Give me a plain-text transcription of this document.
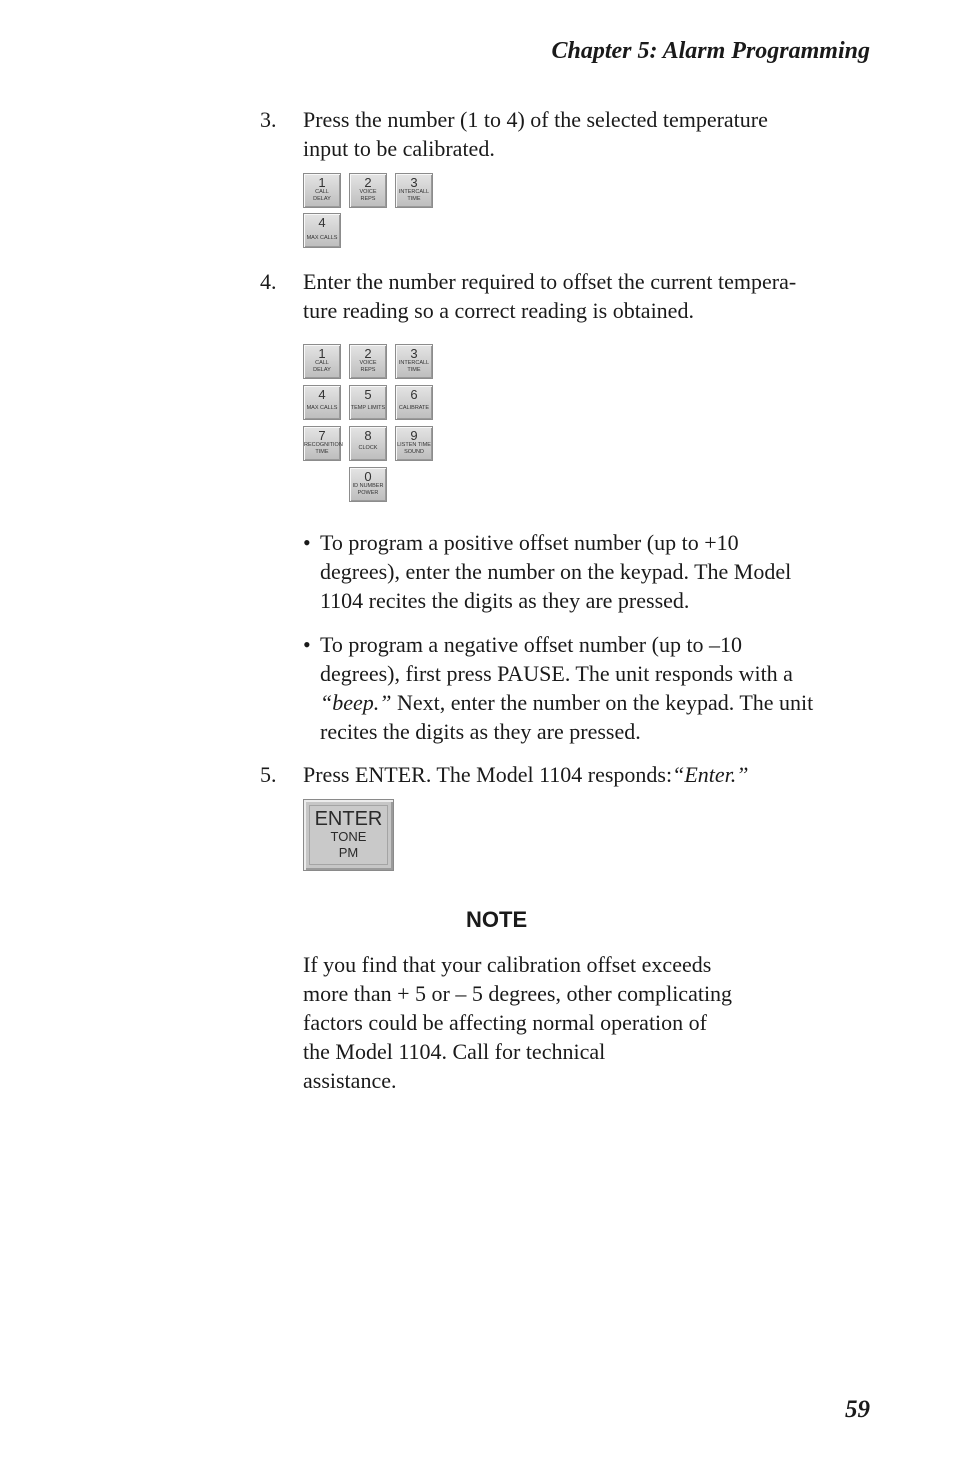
Chapter 5: Alarm Programming
3. Press the number (1 to 4) of the selected temperature
input to be calibrated.
1
CALL
DELAY
2
VOICE
REPS
3
INTERCALL
TIME
4
MAX CALLS
4. Enter the number required to offset the current tempera-
ture reading so a correct reading is obtained.
1
CALL
DELAY
2
VOICE
REPS
3
INTERCALL
TIME
4
MAX CALLS
5
TEMP LIMITS
6
CALIBRATE
7
RECOGNITION
TIME
8
CLOCK
9
LISTEN TIME
SOUND
0
ID NUMBER
POWER
• To program a positive offset number (up to +10
degrees), enter the number on the keypad. The Model
1104 recites the digits as they are pressed.
• To program a negative offset number (up to –10
degrees), first press PAUSE. The unit responds with a
“beep.” Next, enter the number on the keypad. The unit
recites the digits as they are pressed.
5. Press ENTER. The Model 1104 responds:“Enter.”
ENTER
TONE
PM
NOTE
If you find that your calibration offset exceeds
more than + 5 or – 5 degrees, other complicating
factors could be affecting normal operation of
the Model 1104. Call for technical
assistance.
59
